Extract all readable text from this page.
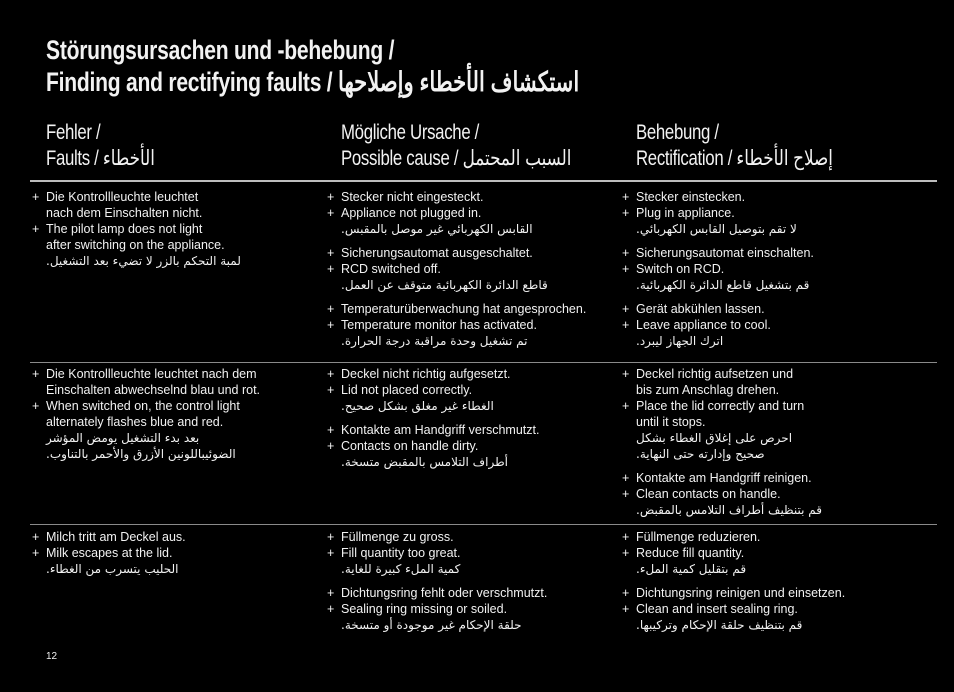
Störungsursachen und -behebung /
Finding and rectifying faults / استكشاف الأخطاء وإصلاحها
Fehler /
Faults / الأخطاء
Mögliche Ursache /
Possible cause / السبب المحتمل
Behebung /
Rectification / إصلاح الأخطاء
+ Die Kontrollleuchte leuchtet
nach dem Einschalten nicht.
+ The pilot lamp does not light
after switching on the appliance.
لمبة التحكم بالزر لا تضيء بعد التشغيل.
+ Stecker nicht eingesteckt.
+ Appliance not plugged in.
القابس الكهربائي غير موصل بالمقبس.
+ Sicherungsautomat ausgeschaltet.
+ RCD switched off.
قاطع الدائرة الكهربائية متوقف عن العمل.
+ Temperaturüberwachung hat angesprochen.
+ Temperature monitor has activated.
تم تشغيل وحدة مراقبة درجة الحرارة.
+ Stecker einstecken.
+ Plug in appliance.
لا تقم بتوصيل القابس الكهربائي.
+ Sicherungsautomat einschalten.
+ Switch on RCD.
قم بتشغيل قاطع الدائرة الكهربائية.
+ Gerät abkühlen lassen.
+ Leave appliance to cool.
اترك الجهاز ليبرد.
+ Die Kontrollleuchte leuchtet nach dem
Einschalten abwechselnd blau und rot.
+ When switched on, the control light
alternately flashes blue and red.
بعد بدء التشغيل يومض المؤشر
الضوئيباللونين الأزرق والأحمر بالتناوب.
+ Deckel nicht richtig aufgesetzt.
+ Lid not placed correctly.
الغطاء غير مغلق بشكل صحيح.
+ Kontakte am Handgriff verschmutzt.
+ Contacts on handle dirty.
أطراف التلامس بالمقبض متسخة.
+ Deckel richtig aufsetzen und
bis zum Anschlag drehen.
+ Place the lid correctly and turn
until it stops.
احرص على إغلاق الغطاء بشكل
صحيح وإدارته حتى النهاية.
+ Kontakte am Handgriff reinigen.
+ Clean contacts on handle.
قم بتنظيف أطراف التلامس بالمقبض.
+ Milch tritt am Deckel aus.
+ Milk escapes at the lid.
الحليب يتسرب من الغطاء.
+ Füllmenge zu gross.
+ Fill quantity too great.
كمية الملء كبيرة للغاية.
+ Dichtungsring fehlt oder verschmutzt.
+ Sealing ring missing or soiled.
حلقة الإحكام غير موجودة أو متسخة.
+ Füllmenge reduzieren.
+ Reduce fill quantity.
قم بتقليل كمية الملء.
+ Dichtungsring reinigen und einsetzen.
+ Clean and insert sealing ring.
قم بتنظيف حلقة الإحكام وتركيبها.
12
